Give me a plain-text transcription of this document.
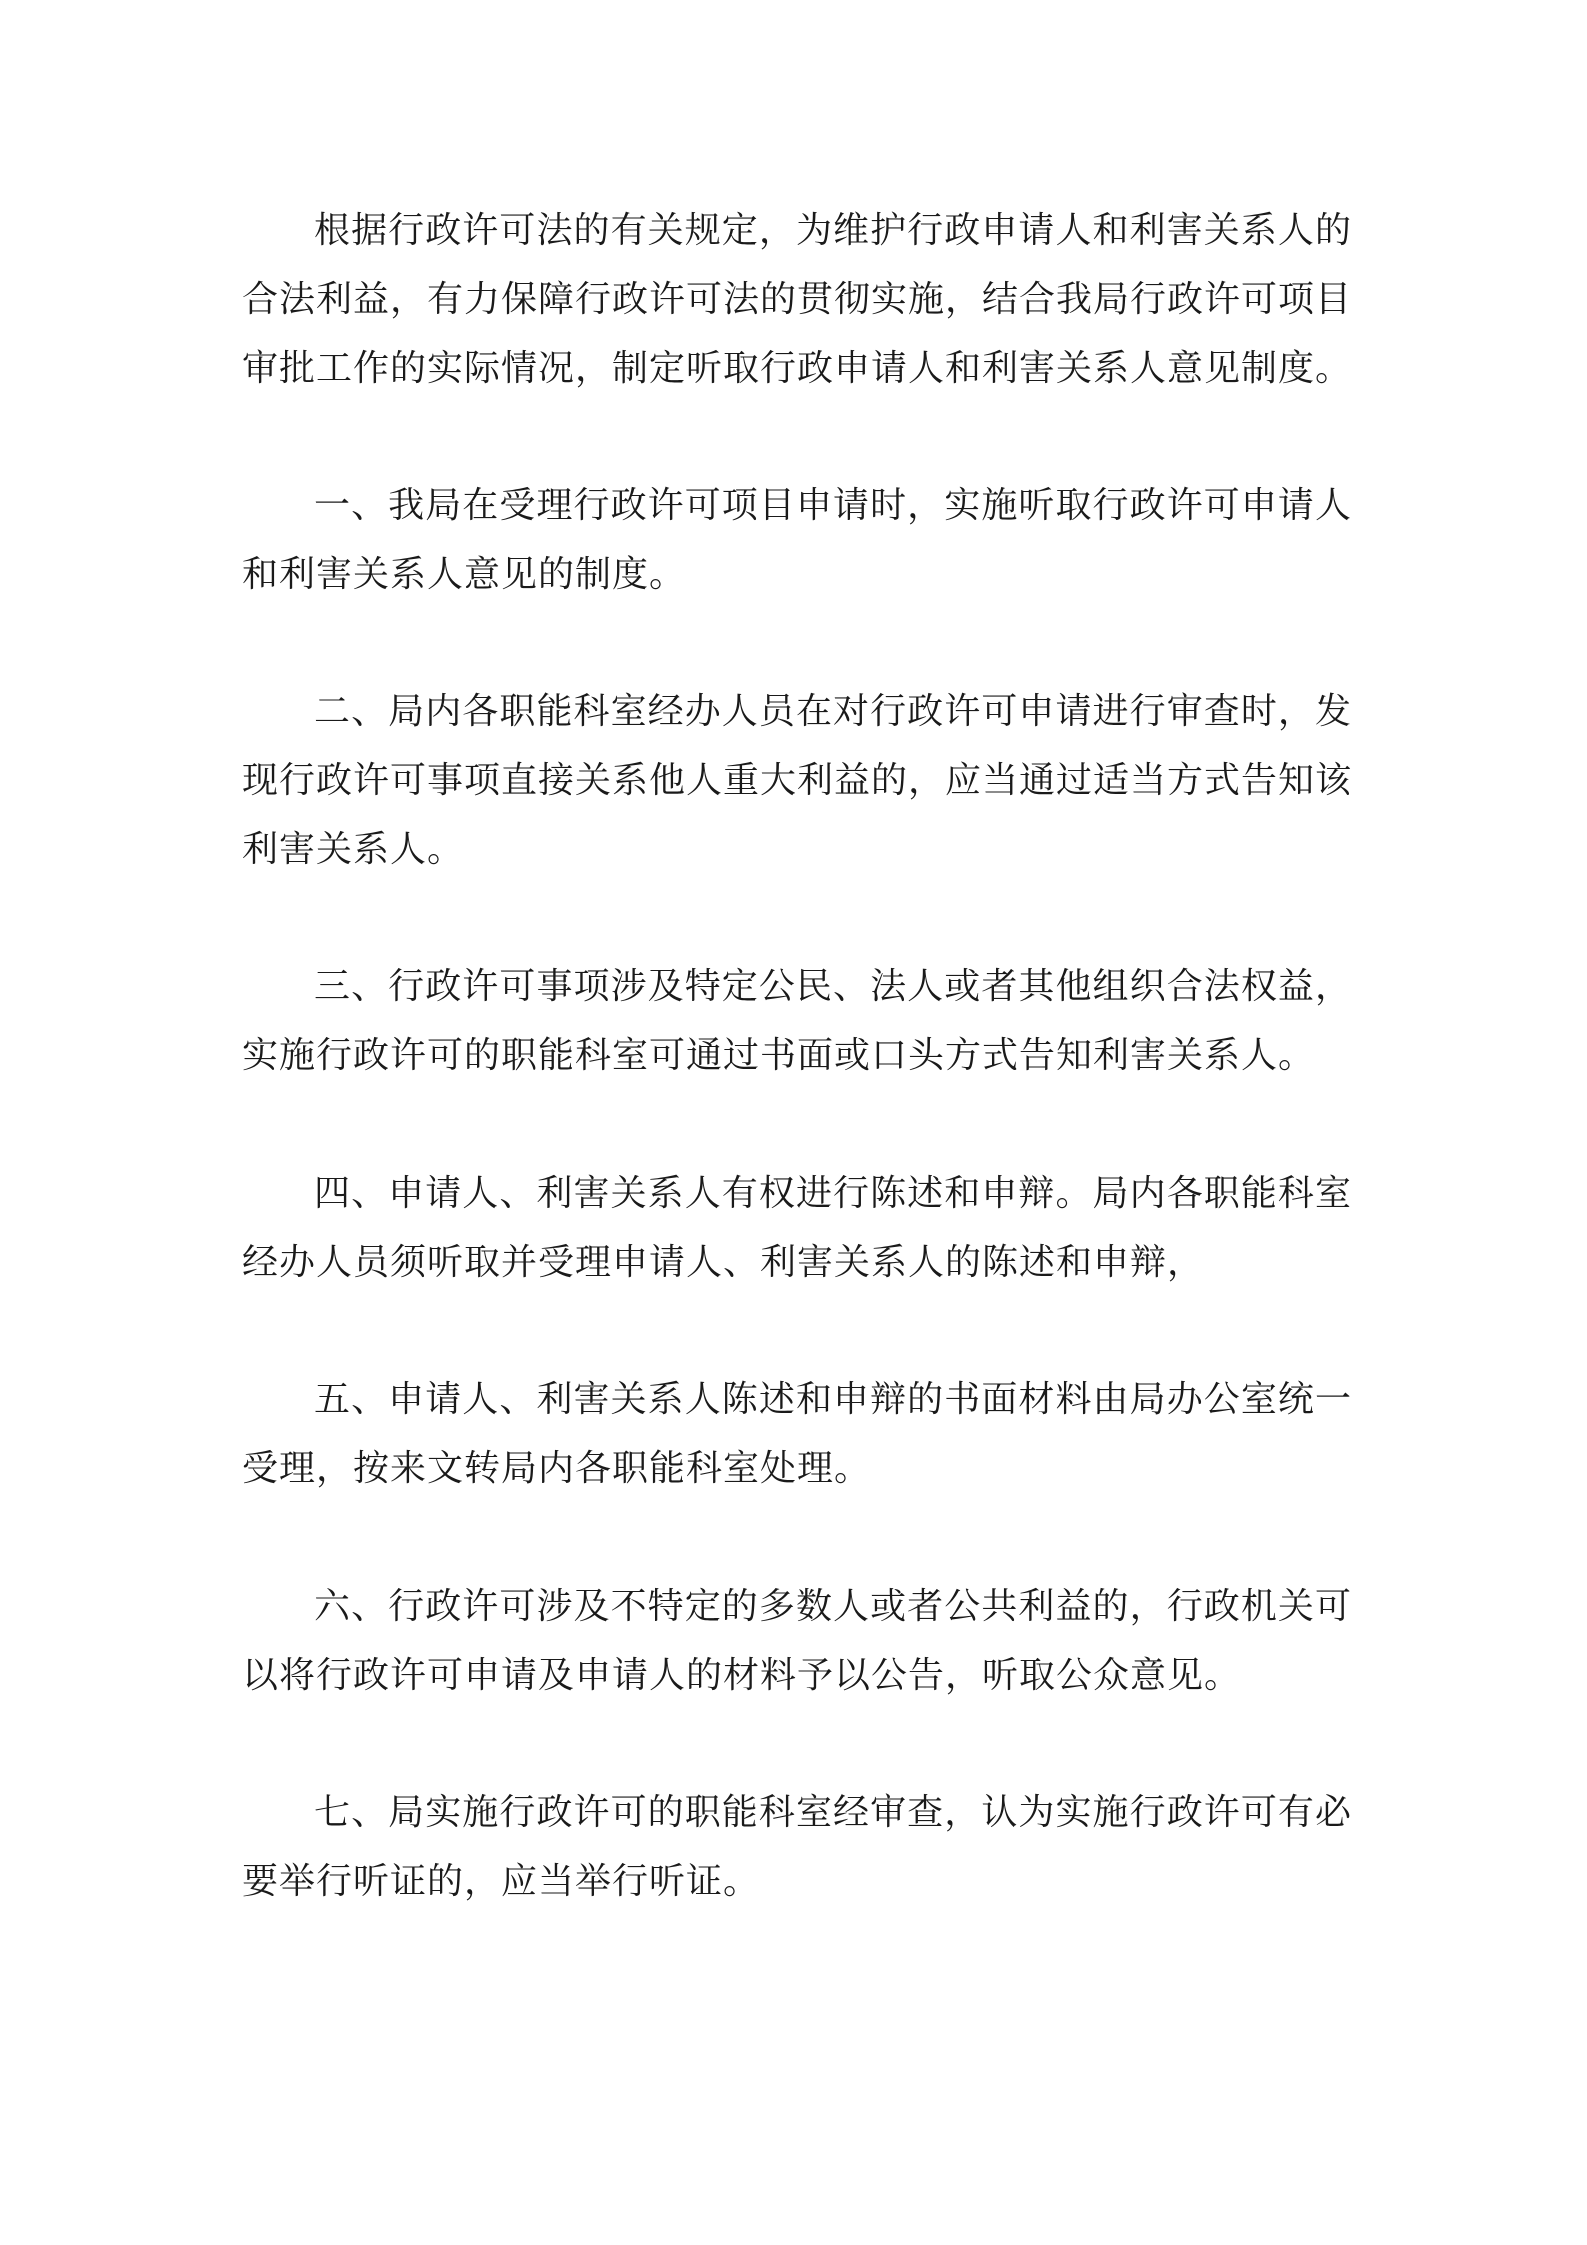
根据行政许可法的有关规定，为维护行政申请人和利害关系人的合法利益，有力保障行政许可法的贯彻实施，结合我局行政许可项目审批工作的实际情况，制定听取行政申请人和利害关系人意见制度。

一、我局在受理行政许可项目申请时，实施听取行政许可申请人和利害关系人意见的制度。

二、局内各职能科室经办人员在对行政许可申请进行审查时，发现行政许可事项直接关系他人重大利益的，应当通过适当方式告知该利害关系人。

三、行政许可事项涉及特定公民、法人或者其他组织合法权益，实施行政许可的职能科室可通过书面或口头方式告知利害关系人。

四、申请人、利害关系人有权进行陈述和申辩。局内各职能科室经办人员须听取并受理申请人、利害关系人的陈述和申辩，

五、申请人、利害关系人陈述和申辩的书面材料由局办公室统一受理，按来文转局内各职能科室处理。

六、行政许可涉及不特定的多数人或者公共利益的，行政机关可以将行政许可申请及申请人的材料予以公告，听取公众意见。

七、局实施行政许可的职能科室经审查，认为实施行政许可有必要举行听证的，应当举行听证。
